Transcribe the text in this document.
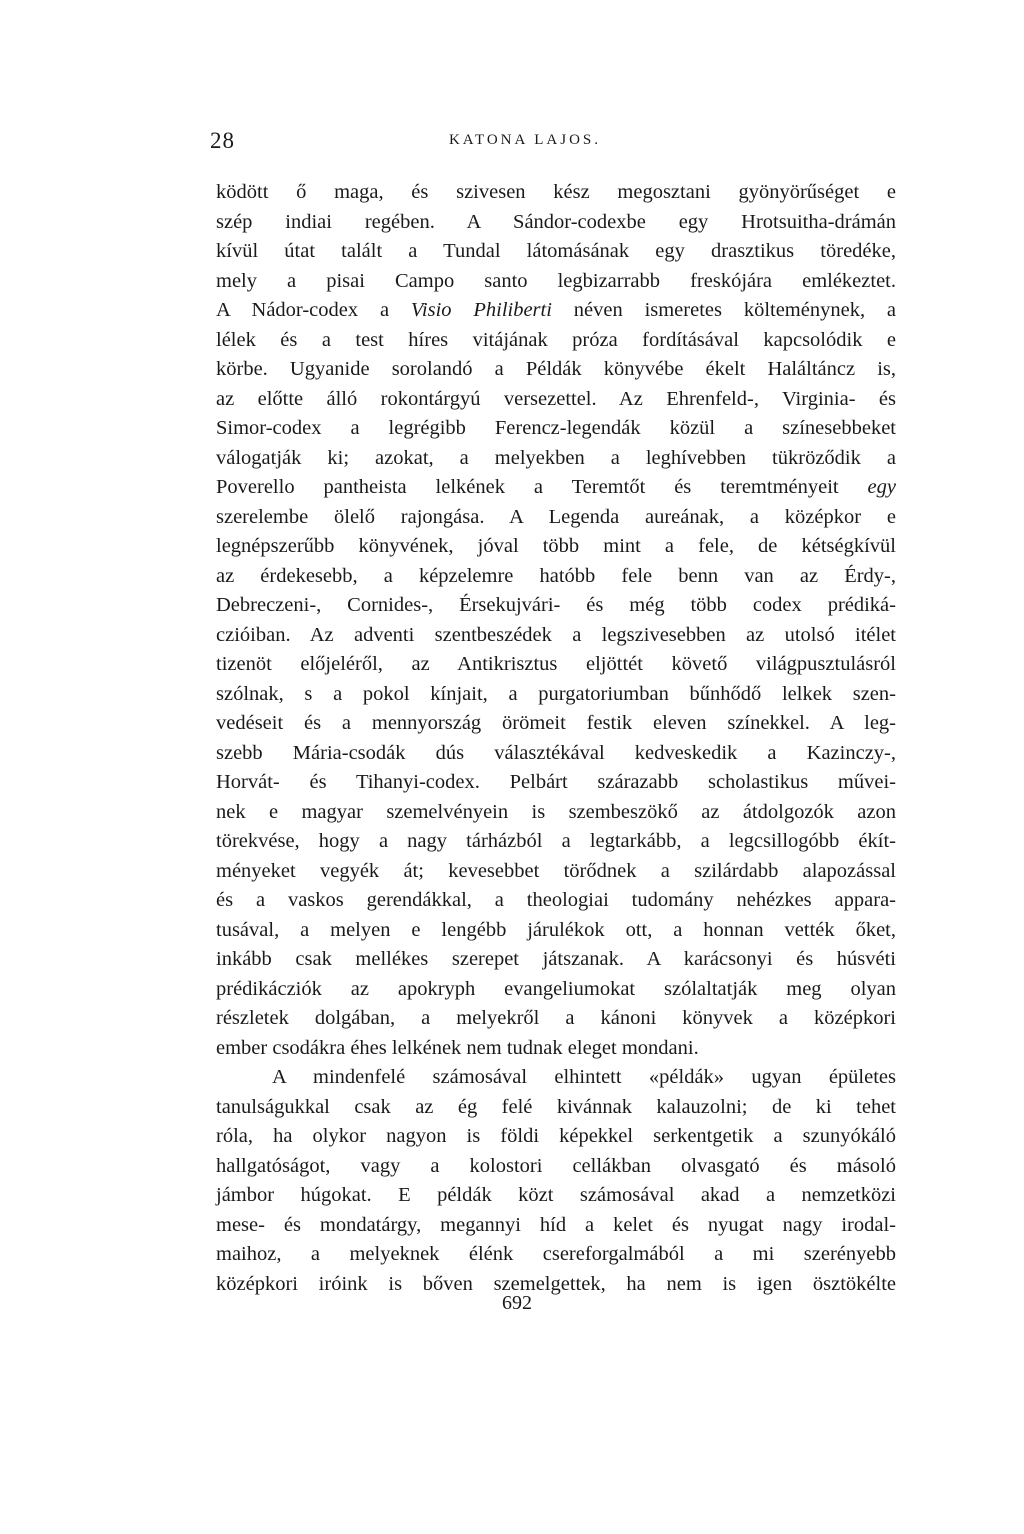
28	KATONA LAJOS.
ködött ő maga, és szivesen kész megosztani gyönyörűséget e
szép indiai regében. A Sándor-codexbe egy Hrotsuitha-drámán
kívül útat talált a Tundal látomásának egy drasztikus töredéke,
mely a pisai Campo santo legbizarrabb freskójára emlékeztet.
A Nádor-codex a Visio Philiberti néven ismeretes költeménynek, a
lélek és a test híres vitájának próza fordításával kapcsolódik e
körbe. Ugyanide sorolandó a Példák könyvébe ékelt Haláltáncz is,
az előtte álló rokontárgyú versezettel. Az Ehrenfeld-, Virginia- és
Simor-codex a legrégibb Ferencz-legendák közül a színesebbeket
válogatják ki; azokat, a melyekben a leghívebben tükröződik a
Poverello pantheista lelkének a Teremtőt és teremtményeit egy
szerelembe ölelő rajongása. A Legenda aureának, a középkor e
legnépszerűbb könyvének, jóval több mint a fele, de kétségkívül
az érdekesebb, a képzelemre hatóbb fele benn van az Érdy-,
Debreczeni-, Cornides-, Érsekujvári- és még több codex prédiká-
czióiban. Az adventi szentbeszédek a legszivesebben az utolsó itélet
tizenöt előjeléről, az Antikrisztus eljöttét követő világpusztulásról
szólnak, s a pokol kínjait, a purgatoriumban bűnhődő lelkek szen-
vedéseit és a mennyország örömeit festik eleven színekkel. A leg-
szebb Mária-csodák dús választékával kedveskedik a Kazinczy-,
Horvát- és Tihanyi-codex. Pelbárt szárazabb scholastikus művei-
nek e magyar szemelvényein is szembeszökő az átdolgozók azon
törekvése, hogy a nagy tárházból a legtarkább, a legcsillogóbb ékít-
ményeket vegyék át; kevesebbet törődnek a szilárdabb alapozással
és a vaskos gerendákkal, a theologiai tudomány nehézkes appara-
tusával, a melyen e lengébb járulékok ott, a honnan vették őket,
inkább csak mellékes szerepet játszanak. A karácsonyi és húsvéti
prédikácziók az apokryph evangeliumokat szólaltatják meg olyan
részletek dolgában, a melyekről a kánoni könyvek a középkori
ember csodákra éhes lelkének nem tudnak eleget mondani.
A mindenfelé számosával elhintett «példák» ugyan épületes
tanulságukkal csak az ég felé kivánnak kalauzolni; de ki tehet
róla, ha olykor nagyon is földi képekkel serkentgetik a szunyókáló
hallgatóságot, vagy a kolostori cellákban olvasgató és másoló
jámbor húgokat. E példák közt számosával akad a nemzetközi
mese- és mondatárgy, megannyi híd a kelet és nyugat nagy irodal-
maihoz, a melyeknek élénk csereforgalmából a mi szerényebb
középkori iróink is bőven szemelgettek, ha nem is igen ösztökélte
692
